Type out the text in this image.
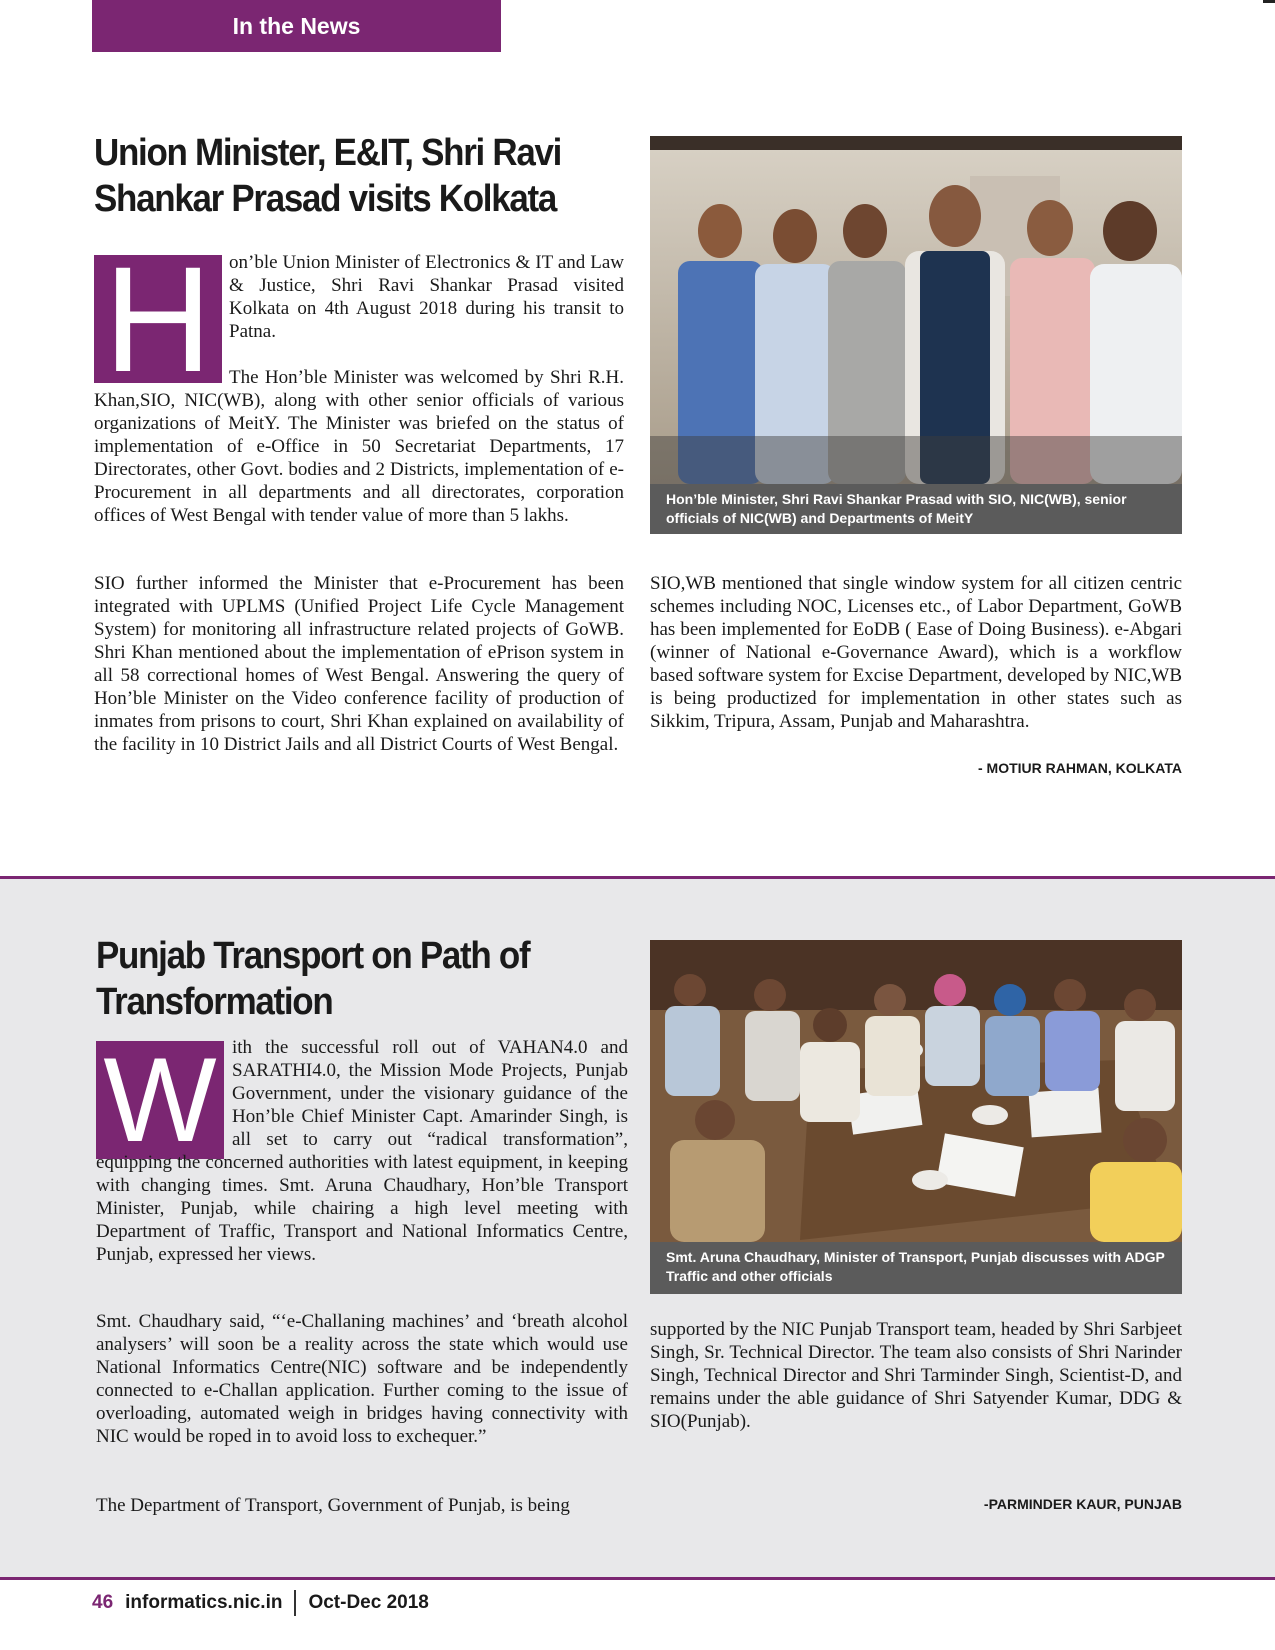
In the News
Union Minister, E&IT, Shri Ravi
Shankar Prasad visits Kolkata
H on’ble Union Minister of Electronics & IT and Law & Justice, Shri Ravi Shankar Prasad visited Kolkata on 4th August 2018 during his transit to Patna.

The Hon’ble Minister was welcomed by Shri R.H. Khan,SIO, NIC(WB), along with other senior officials of various organizations of MeitY. The Minister was briefed on the status of implementation of e-Office in 50 Secretariat Departments, 17 Directorates, other Govt. bodies and 2 Districts, implementation of e-Procurement in all departments and all directorates, corporation offices of West Bengal with tender value of more than 5 lakhs.

SIO further informed the Minister that e-Procurement has been integrated with UPLMS (Unified Project Life Cycle Management System) for monitoring all infrastructure related projects of GoWB. Shri Khan mentioned about the implementation of ePrison system in all 58 correctional homes of West Bengal. Answering the query of Hon’ble Minister on the Video conference facility of production of inmates from prisons to court, Shri Khan explained on availability of the facility in 10 District Jails and all District Courts of West Bengal.

Hon’ble Minister, Shri Ravi Shankar Prasad with SIO, NIC(WB), senior officials of NIC(WB) and Departments of MeitY

SIO,WB mentioned that single window system for all citizen centric schemes including NOC, Licenses etc., of Labor Department, GoWB has been implemented for EoDB ( Ease of Doing Business). e-Abgari (winner of National e-Governance Award), which is a workflow based software system for Excise Department, developed by NIC,WB is being productized for implementation in other states such as Sikkim, Tripura, Assam, Punjab and Maharashtra.

- MOTIUR RAHMAN, KOLKATA
Punjab Transport on Path of
Transformation
W ith the successful roll out of VAHAN4.0 and SARATHI4.0, the Mission Mode Projects, Punjab Government, under the visionary guidance of the Hon’ble Chief Minister Capt. Amarinder Singh, is all set to carry out “radical transformation”, equipping the concerned authorities with latest equipment, in keeping with changing times. Smt. Aruna Chaudhary, Hon’ble Transport Minister, Punjab, while chairing a high level meeting with Department of Traffic, Transport and National Informatics Centre, Punjab, expressed her views.

Smt. Chaudhary said, “‘e-Challaning machines’ and ‘breath alcohol analysers’ will soon be a reality across the state which would use National Informatics Centre(NIC) software and be independently connected to e-Challan application. Further coming to the issue of overloading, automated weigh in bridges having connectivity with NIC would be roped in to avoid loss to exchequer.”

The Department of Transport, Government of Punjab, is being

Smt. Aruna Chaudhary, Minister of Transport, Punjab discusses with ADGP Traffic and other officials

supported by the NIC Punjab Transport team, headed by Shri Sarbjeet Singh, Sr. Technical Director. The team also consists of Shri Narinder Singh, Technical Director and Shri Tarminder Singh, Scientist-D, and remains under the able guidance of Shri Satyender Kumar, DDG & SIO(Punjab).

-PARMINDER KAUR, PUNJAB
46 informatics.nic.in Oct-Dec 2018
